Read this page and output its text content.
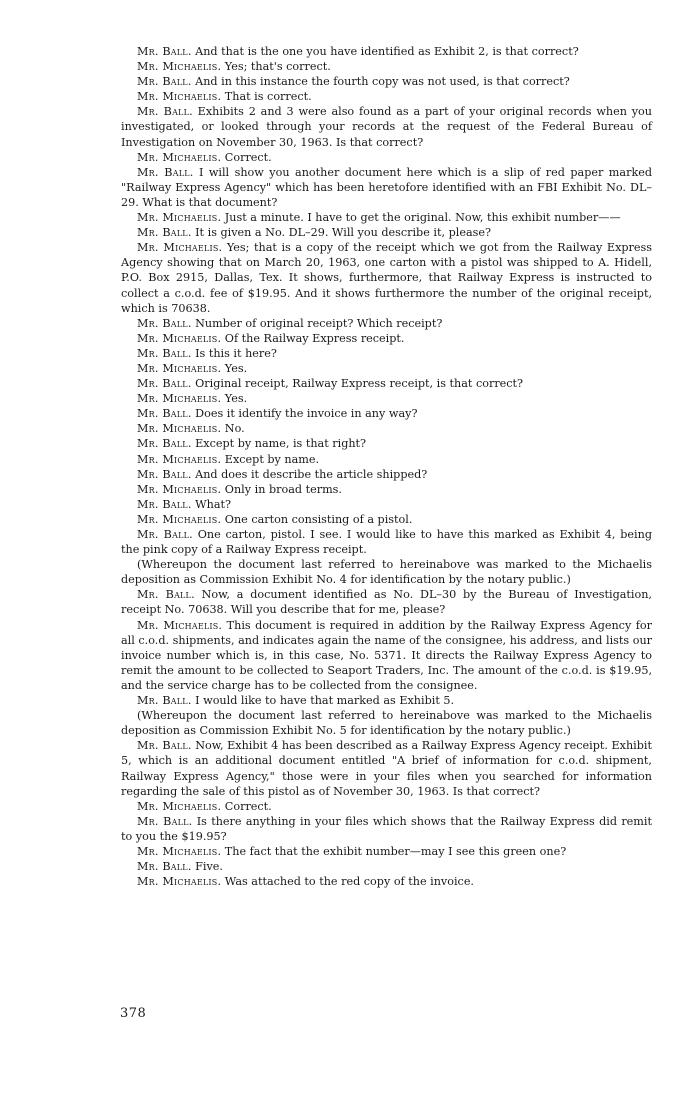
Mr. Ball. And that is the one you have identified as Exhibit 2, is that correct?

Mr. Michaelis. Yes; that's correct.

Mr. Ball. And in this instance the fourth copy was not used, is that correct?

Mr. Michaelis. That is correct.

Mr. Ball. Exhibits 2 and 3 were also found as a part of your original records when you investigated, or looked through your records at the request of the Federal Bureau of Investigation on November 30, 1963. Is that correct?

Mr. Michaelis. Correct.

Mr. Ball. I will show you another document here which is a slip of red paper marked "Railway Express Agency" which has been heretofore identified with an FBI Exhibit No. DL–29. What is that document?

Mr. Michaelis. Just a minute. I have to get the original. Now, this exhibit number——

Mr. Ball. It is given a No. DL–29. Will you describe it, please?

Mr. Michaelis. Yes; that is a copy of the receipt which we got from the Railway Express Agency showing that on March 20, 1963, one carton with a pistol was shipped to A. Hidell, P.O. Box 2915, Dallas, Tex. It shows, furthermore, that Railway Express is instructed to collect a c.o.d. fee of $19.95. And it shows furthermore the number of the original receipt, which is 70638.

Mr. Ball. Number of original receipt? Which receipt?

Mr. Michaelis. Of the Railway Express receipt.

Mr. Ball. Is this it here?

Mr. Michaelis. Yes.

Mr. Ball. Original receipt, Railway Express receipt, is that correct?

Mr. Michaelis. Yes.

Mr. Ball. Does it identify the invoice in any way?

Mr. Michaelis. No.

Mr. Ball. Except by name, is that right?

Mr. Michaelis. Except by name.

Mr. Ball. And does it describe the article shipped?

Mr. Michaelis. Only in broad terms.

Mr. Ball. What?

Mr. Michaelis. One carton consisting of a pistol.

Mr. Ball. One carton, pistol. I see. I would like to have this marked as Exhibit 4, being the pink copy of a Railway Express receipt.

(Whereupon the document last referred to hereinabove was marked to the Michaelis deposition as Commission Exhibit No. 4 for identification by the notary public.)

Mr. Ball. Now, a document identified as No. DL–30 by the Bureau of Investigation, receipt No. 70638. Will you describe that for me, please?

Mr. Michaelis. This document is required in addition by the Railway Express Agency for all c.o.d. shipments, and indicates again the name of the consignee, his address, and lists our invoice number which is, in this case, No. 5371. It directs the Railway Express Agency to remit the amount to be collected to Seaport Traders, Inc. The amount of the c.o.d. is $19.95, and the service charge has to be collected from the consignee.

Mr. Ball. I would like to have that marked as Exhibit 5.

(Whereupon the document last referred to hereinabove was marked to the Michaelis deposition as Commission Exhibit No. 5 for identification by the notary public.)

Mr. Ball. Now, Exhibit 4 has been described as a Railway Express Agency receipt. Exhibit 5, which is an additional document entitled "A brief of information for c.o.d. shipment, Railway Express Agency," those were in your files when you searched for information regarding the sale of this pistol as of November 30, 1963. Is that correct?

Mr. Michaelis. Correct.

Mr. Ball. Is there anything in your files which shows that the Railway Express did remit to you the $19.95?

Mr. Michaelis. The fact that the exhibit number—may I see this green one?

Mr. Ball. Five.

Mr. Michaelis. Was attached to the red copy of the invoice.

378
